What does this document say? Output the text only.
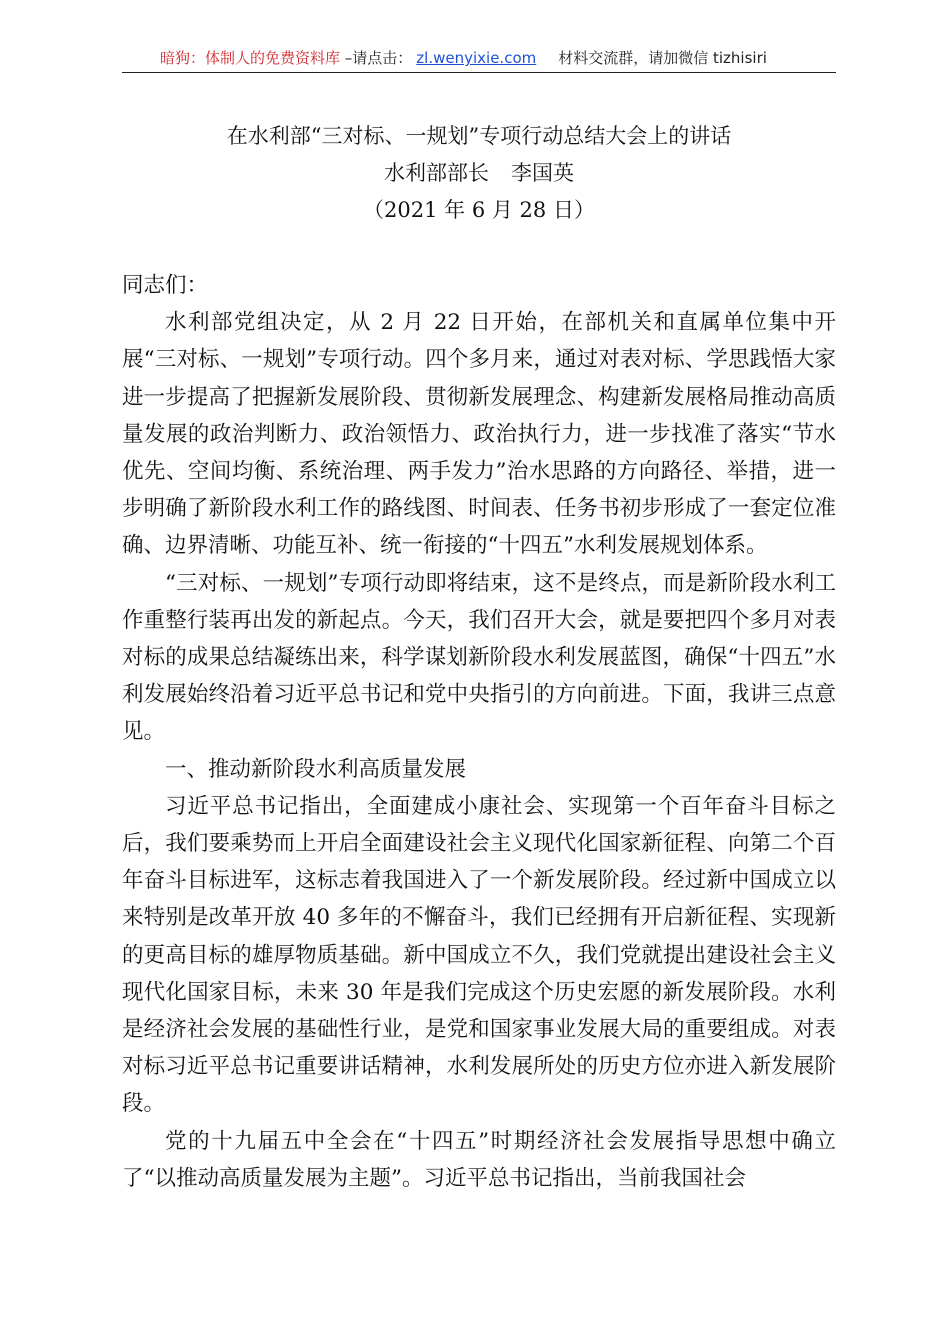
暗狗：体制人的免费资料库 –请点击： zl.wenyixie.com 材料交流群，请加微信 tizhisiri
在水利部“三对标、一规划”专项行动总结大会上的讲话
水利部部长 李国英
（2021 年 6 月 28 日）

同志们：

水利部党组决定，从 2 月 22 日开始，在部机关和直属单位集中开展“三对标、一规划”专项行动。四个多月来，通过对表对标、学思践悟大家进一步提高了把握新发展阶段、贯彻新发展理念、构建新发展格局推动高质量发展的政治判断力、政治领悟力、政治执行力，进一步找准了落实“节水优先、空间均衡、系统治理、两手发力”治水思路的方向路径、举措，进一步明确了新阶段水利工作的路线图、时间表、任务书初步形成了一套定位准确、边界清晰、功能互补、统一衔接的“十四五”水利发展规划体系。

“三对标、一规划”专项行动即将结束，这不是终点，而是新阶段水利工作重整行装再出发的新起点。今天，我们召开大会，就是要把四个多月对表对标的成果总结凝练出来，科学谋划新阶段水利发展蓝图，确保“十四五”水利发展始终沿着习近平总书记和党中央指引的方向前进。下面，我讲三点意见。

一、推动新阶段水利高质量发展

习近平总书记指出，全面建成小康社会、实现第一个百年奋斗目标之后，我们要乘势而上开启全面建设社会主义现代化国家新征程、向第二个百年奋斗目标进军，这标志着我国进入了一个新发展阶段。经过新中国成立以来特别是改革开放 40 多年的不懈奋斗，我们已经拥有开启新征程、实现新的更高目标的雄厚物质基础。新中国成立不久，我们党就提出建设社会主义现代化国家目标，未来 30 年是我们完成这个历史宏愿的新发展阶段。水利是经济社会发展的基础性行业，是党和国家事业发展大局的重要组成。对表对标习近平总书记重要讲话精神，水利发展所处的历史方位亦进入新发展阶段。

党的十九届五中全会在“十四五”时期经济社会发展指导思想中确立了“以推动高质量发展为主题”。习近平总书记指出，当前我国社会
